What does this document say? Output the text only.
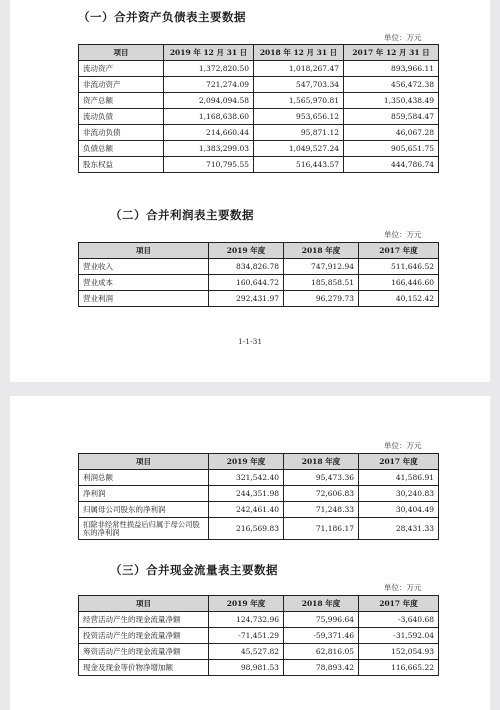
（一）合并资产负债表主要数据
单位：万元
项目	2019 年 12 月 31 日	2018 年 12 月 31 日	2017 年 12 月 31 日
流动资产	1,372,820.50	1,018,267.47	893,966.11
非流动资产	721,274.09	547,703.34	456,472.38
资产总额	2,094,094.58	1,565,970.81	1,350,438.49
流动负债	1,168,638.60	953,656.12	859,584.47
非流动负债	214,660.44	95,871.12	46,067.28
负债总额	1,383,299.03	1,049,527.24	905,651.75
股东权益	710,795.55	516,443.57	444,786.74
（二）合并利润表主要数据
单位：万元
项目	2019 年度	2018 年度	2017 年度
营业收入	834,826.78	747,912.94	511,646.52
营业成本	160,644.72	185,858.51	166,446.60
营业利润	292,431.97	96,279.73	40,152.42
1-1-31
单位：万元
项目	2019 年度	2018 年度	2017 年度
利润总额	321,542.40	95,473.36	41,586.91
净利润	244,351.98	72,606.83	30,240.83
归属母公司股东的净利润	242,461.40	71,248.33	30,404.49
扣除非经常性损益后归属于母公司股东的净利润	216,569.83	71,186.17	28,431.33
（三）合并现金流量表主要数据
单位：万元
项目	2019 年度	2018 年度	2017 年度
经营活动产生的现金流量净额	124,732.96	75,996.64	-3,640.68
投资活动产生的现金流量净额	-71,451.29	-59,371.46	-31,592.04
筹资活动产生的现金流量净额	45,527.82	62,816.05	152,054.93
现金及现金等价物净增加额	98,981.53	78,893.42	116,665.22
